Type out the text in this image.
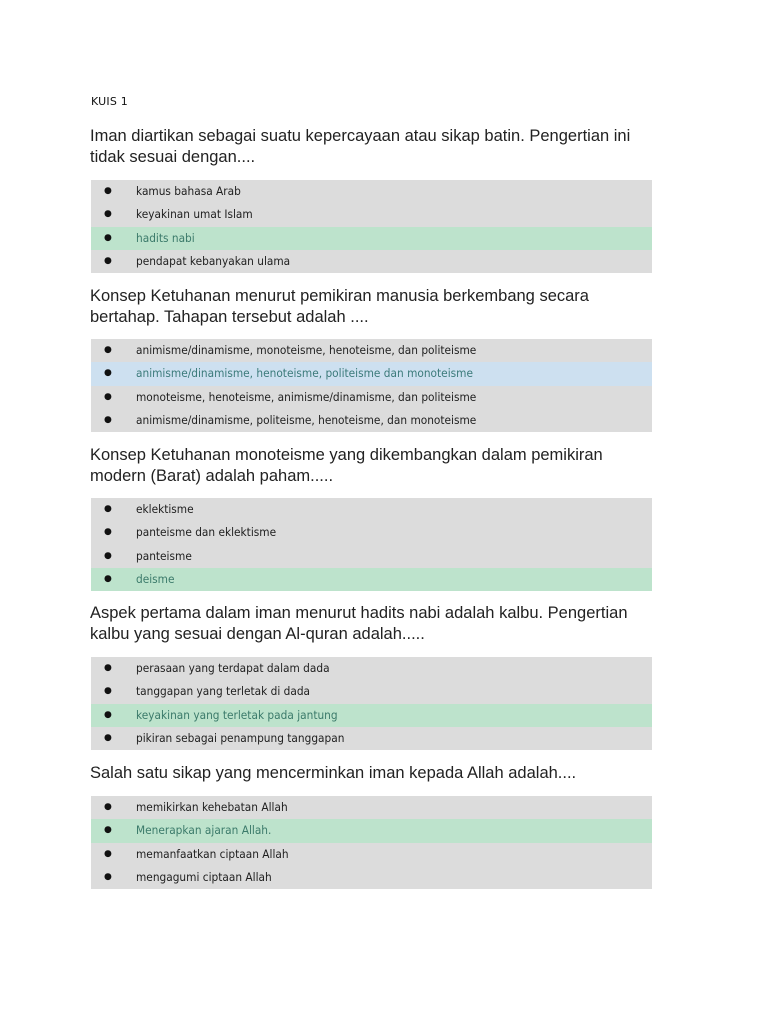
KUIS 1
Iman diartikan sebagai suatu kepercayaan atau sikap batin. Pengertian ini tidak sesuai dengan....
● kamus bahasa Arab
● keyakinan umat Islam
● hadits nabi
● pendapat kebanyakan ulama
Konsep Ketuhanan menurut pemikiran manusia berkembang secara bertahap. Tahapan tersebut adalah ....
● animisme/dinamisme, monoteisme, henoteisme, dan politeisme
● animisme/dinamisme, henoteisme, politeisme dan monoteisme
● monoteisme, henoteisme, animisme/dinamisme, dan politeisme
● animisme/dinamisme, politeisme, henoteisme, dan monoteisme
Konsep Ketuhanan monoteisme yang dikembangkan dalam pemikiran modern (Barat) adalah paham.....
● eklektisme
● panteisme dan eklektisme
● panteisme
● deisme
Aspek pertama dalam iman menurut hadits nabi adalah kalbu. Pengertian kalbu yang sesuai dengan Al-quran adalah.....
● perasaan yang terdapat dalam dada
● tanggapan yang terletak di dada
● keyakinan yang terletak pada jantung
● pikiran sebagai penampung tanggapan
Salah satu sikap yang mencerminkan iman kepada Allah adalah....
● memikirkan kehebatan Allah
● Menerapkan ajaran Allah.
● memanfaatkan ciptaan Allah
● mengagumi ciptaan Allah
